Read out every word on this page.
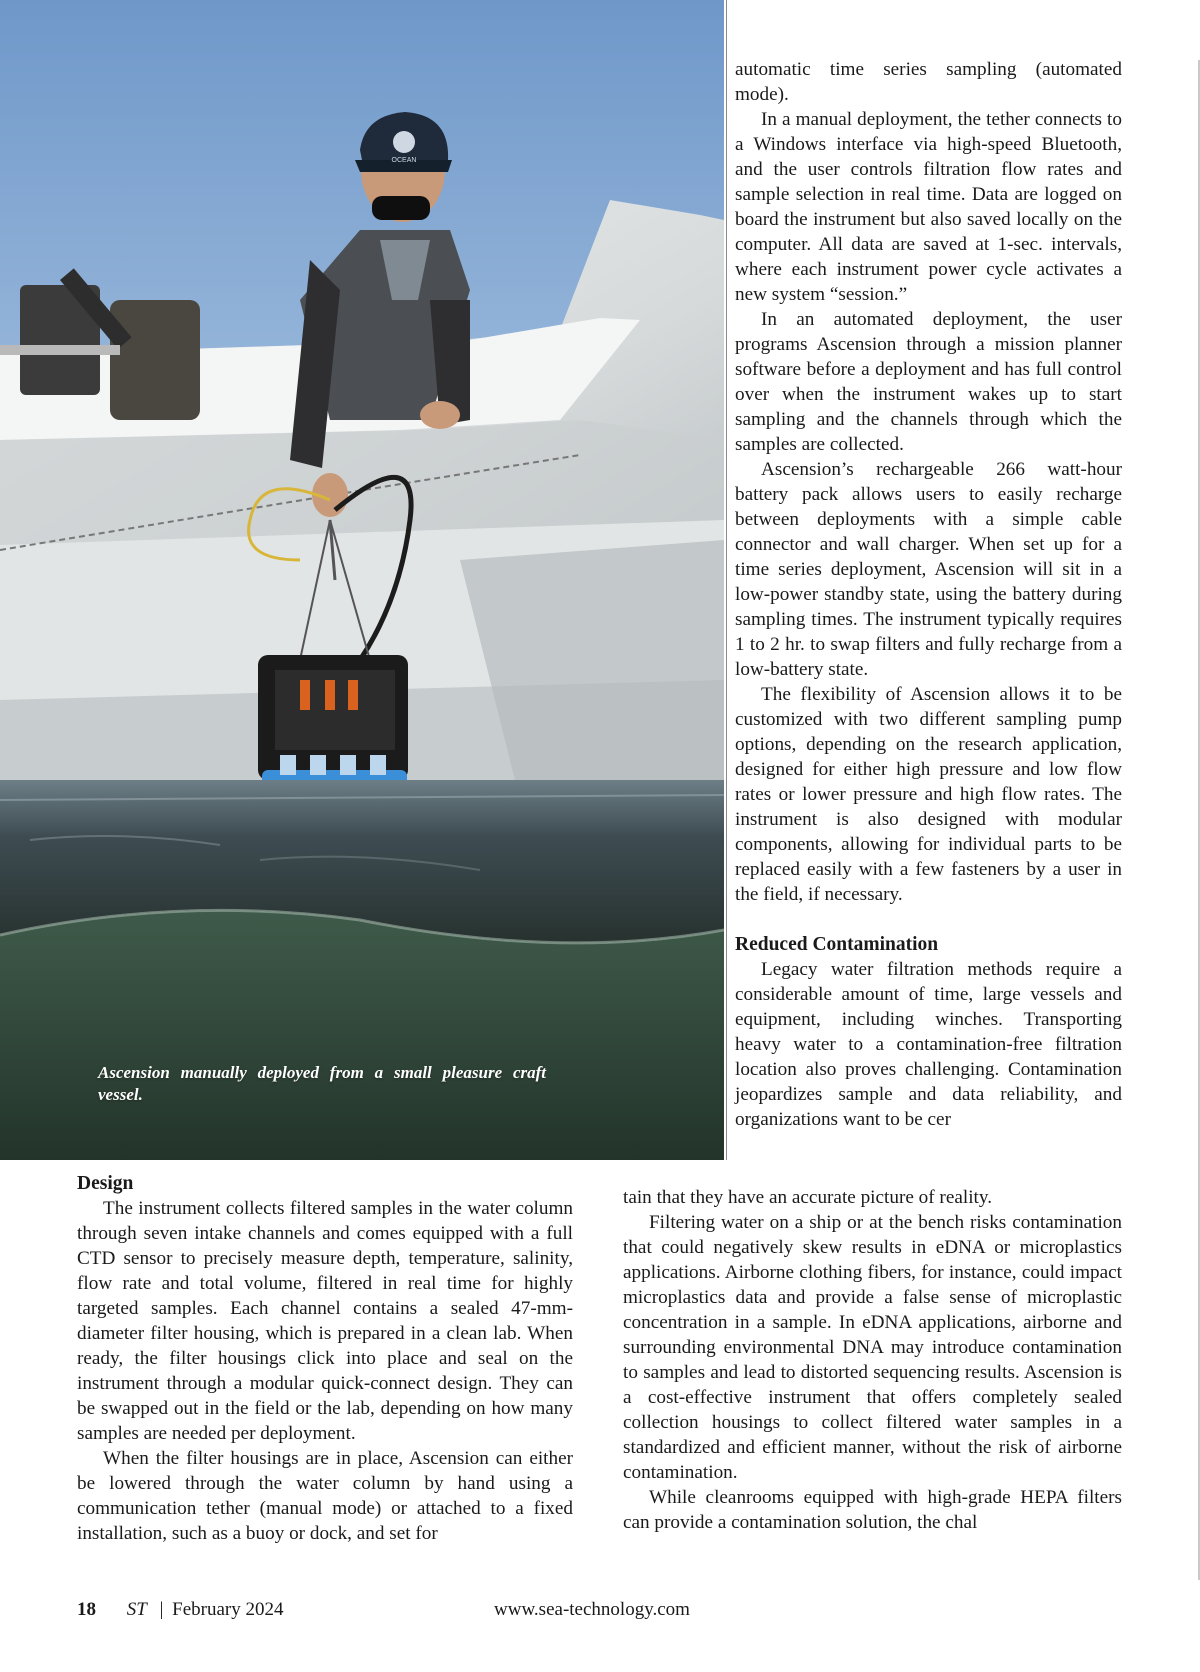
OCEAN
Ascension manually deployed from a small pleasure craft vessel.

automatic time series sampling (automated mode).

In a manual deployment, the tether connects to a Windows interface via high-speed Bluetooth, and the user controls filtration flow rates and sample selection in real time. Data are logged on board the instrument but also saved locally on the computer. All data are saved at 1-sec. intervals, where each instrument power cycle activates a new system “session.”

In an automated deployment, the user programs Ascension through a mission planner software before a deployment and has full control over when the instrument wakes up to start sampling and the channels through which the samples are collected.

Ascension’s rechargeable 266 watt-hour battery pack allows users to easily recharge between deployments with a simple cable connector and wall charger. When set up for a time series deployment, Ascension will sit in a low-power standby state, using the battery during sampling times. The instrument typically requires 1 to 2 hr. to swap filters and fully recharge from a low-battery state.

The flexibility of Ascension allows it to be customized with two different sampling pump options, depending on the research application, designed for either high pressure and low flow rates or lower pressure and high flow rates. The instrument is also designed with modular components, allowing for individual parts to be replaced easily with a few fasteners by a user in the field, if necessary.

Reduced Contamination

Legacy water filtration methods require a considerable amount of time, large vessels and equipment, including winches. Transporting heavy water to a contamination-free filtration location also proves challenging. Contamination jeopardizes sample and data reliability, and organizations want to be cer

tain that they have an accurate picture of reality.

Filtering water on a ship or at the bench risks contamination that could negatively skew results in eDNA or microplastics applications. Airborne clothing fibers, for instance, could impact microplastics data and provide a false sense of microplastic concentration in a sample. In eDNA applications, airborne and surrounding environmental DNA may introduce contamination to samples and lead to distorted sequencing results. Ascension is a cost-effective instrument that offers completely sealed collection housings to collect filtered water samples in a standardized and efficient manner, without the risk of airborne contamination.

While cleanrooms equipped with high-grade HEPA filters can provide a contamination solution, the chal

Design

The instrument collects filtered samples in the water column through seven intake channels and comes equipped with a full CTD sensor to precisely measure depth, temperature, salinity, flow rate and total volume, filtered in real time for highly targeted samples. Each channel contains a sealed 47-mm-diameter filter housing, which is prepared in a clean lab. When ready, the filter housings click into place and seal on the instrument through a modular quick-connect design. They can be swapped out in the field or the lab, depending on how many samples are needed per deployment.

When the filter housings are in place, Ascension can either be lowered through the water column by hand using a communication tether (manual mode) or attached to a fixed installation, such as a buoy or dock, and set for

18 ST | February 2024	www.sea-technology.com
